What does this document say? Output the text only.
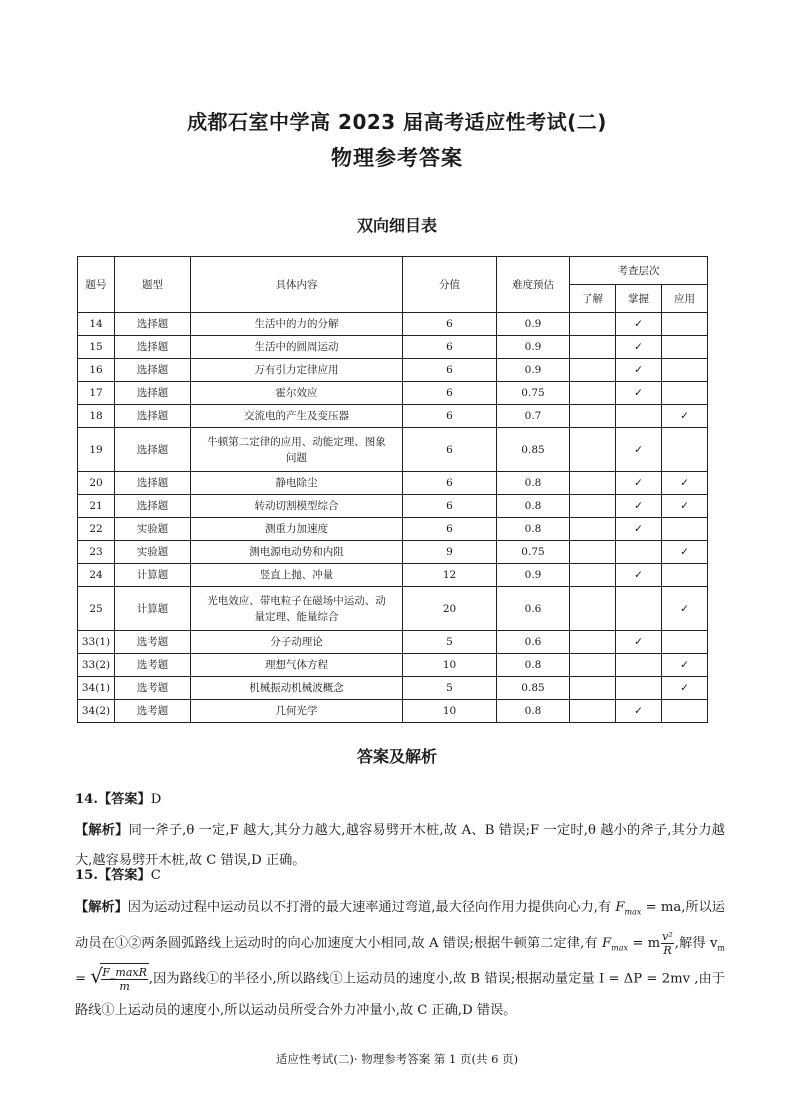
成都石室中学高 2023 届高考适应性考试(二)
物理参考答案
双向细目表
题号	题型	具体内容	分值	难度预估	考查层次		
					了解	掌握	应用
14	选择题	生活中的力的分解	6	0.9		✓	
15	选择题	生活中的圆周运动	6	0.9		✓	
16	选择题	万有引力定律应用	6	0.9		✓	
17	选择题	霍尔效应	6	0.75		✓	
18	选择题	交流电的产生及变压器	6	0.7			✓
19	选择题	牛顿第二定律的应用、动能定理、图象问题	6	0.85		✓	
20	选择题	静电除尘	6	0.8		✓	✓
21	选择题	转动切割模型综合	6	0.8		✓	✓
22	实验题	测重力加速度	6	0.8		✓	
23	实验题	测电源电动势和内阻	9	0.75			✓
24	计算题	竖直上抛、冲量	12	0.9		✓	
25	计算题	光电效应、带电粒子在磁场中运动、动量定理、能量综合	20	0.6			✓
33(1)	选考题	分子动理论	5	0.6		✓	
33(2)	选考题	理想气体方程	10	0.8			✓
34(1)	选考题	机械振动机械波概念	5	0.85			✓
34(2)	选考题	几何光学	10	0.8		✓	
答案及解析
14.【答案】D
【解析】同一斧子,θ 一定,F 越大,其分力越大,越容易劈开木桩,故 A、B 错误;F 一定时,θ 越小的斧子,其分力越大,越容易劈开木桩,故 C 错误,D 正确。
15.【答案】C
【解析】因为运动过程中运动员以不打滑的最大速率通过弯道,最大径向作用力提供向心力,有 $F_{max}$ = ma,所以运动员在①②两条圆弧路线上运动时的向心加速度大小相同,故 A 错误;根据牛顿第二定律,有 $F_{max} = m \frac{\text{v²}}{R}$ ,解得 $v_m$ = √
$\frac{F\_\max R}{m}$ ,因为路线①的半径小,所以路线①上运动员的速度小,故 B 错误;根据动量定量 I = ΔP = 2mv ,由于路线①上运动员的速度小,所以运动员所受合外力冲量小,故 C 正确,D 错误。
适应性考试(二)· 物理参考答案 第 1 页(共 6 页)
